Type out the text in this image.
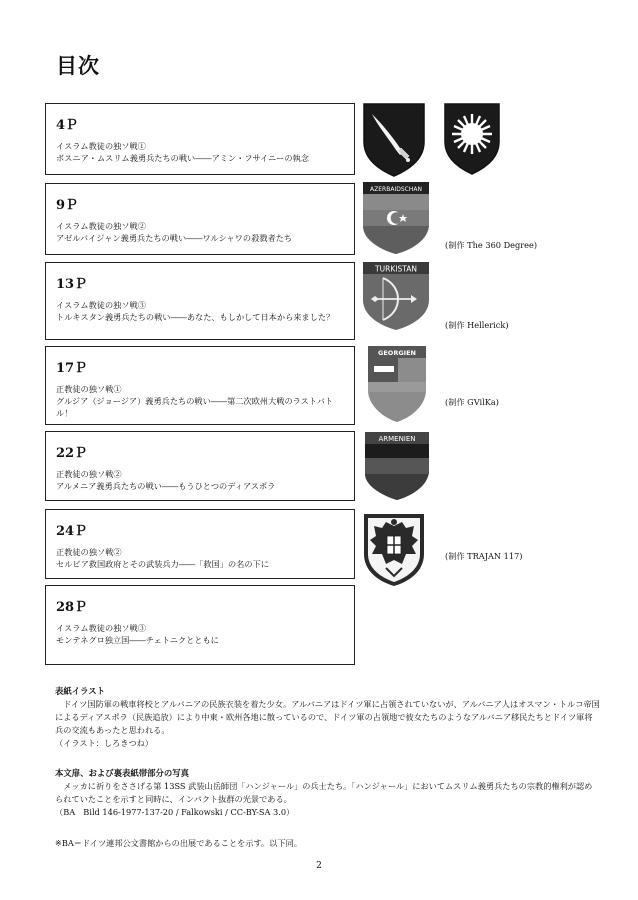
目次
4Ｐ
イスラム教徒の独ソ戦①
ボスニア・ムスリム義勇兵たちの戦い――アミン・フサイニーの執念
9Ｐ
イスラム教徒の独ソ戦②
アゼルバイジャン義勇兵たちの戦い――ワルシャワの殺戮者たち
13Ｐ
イスラム教徒の独ソ戦③
トルキスタン義勇兵たちの戦い――あなた、もしかして日本から来ました？
17Ｐ
正教徒の独ソ戦①
グルジア（ジョージア）義勇兵たちの戦い――第二次欧州大戦のラストバトル！
22Ｐ
正教徒の独ソ戦②
アルメニア義勇兵たちの戦い――もうひとつのディアスポラ
24Ｐ
正教徒の独ソ戦②
セルビア救国政府とその武装兵力――「救国」の名の下に
28Ｐ
イスラム教徒の独ソ戦③
モンテネグロ独立国――チェトニクとともに
AZERBAIDSCHAN
(制作 The 360 Degree)
TURKISTAN
(制作 Hellerick)
GEORGIEN
(制作 GVilKa)
ARMENIEN
(制作 TRAJAN 117)
表紙イラスト
ドイツ国防軍の戦車将校とアルバニアの民族衣装を着た少女。アルバニアはドイツ軍に占領されていないが、アルバニア人はオスマン・トルコ帝国によるディアスポラ（民族追放）により中東・欧州各地に散っているので、ドイツ軍の占領地で彼女たちのようなアルバニア移民たちとドイツ軍将兵の交流もあったと思われる。
（イラスト：しろきつね）
本文扉、および裏表紙帯部分の写真
メッカに祈りをささげる第 13SS 武装山岳師団「ハンジャール」の兵士たち。「ハンジャール」においてムスリム義勇兵たちの宗教的権利が認められていたことを示すと同時に、インパクト抜群の光景である。
（BA　Bild 146-1977-137-20 / Falkowski / CC-BY-SA 3.0）
※BA＝ドイツ連邦公文書館からの出展であることを示す。以下同。
2
